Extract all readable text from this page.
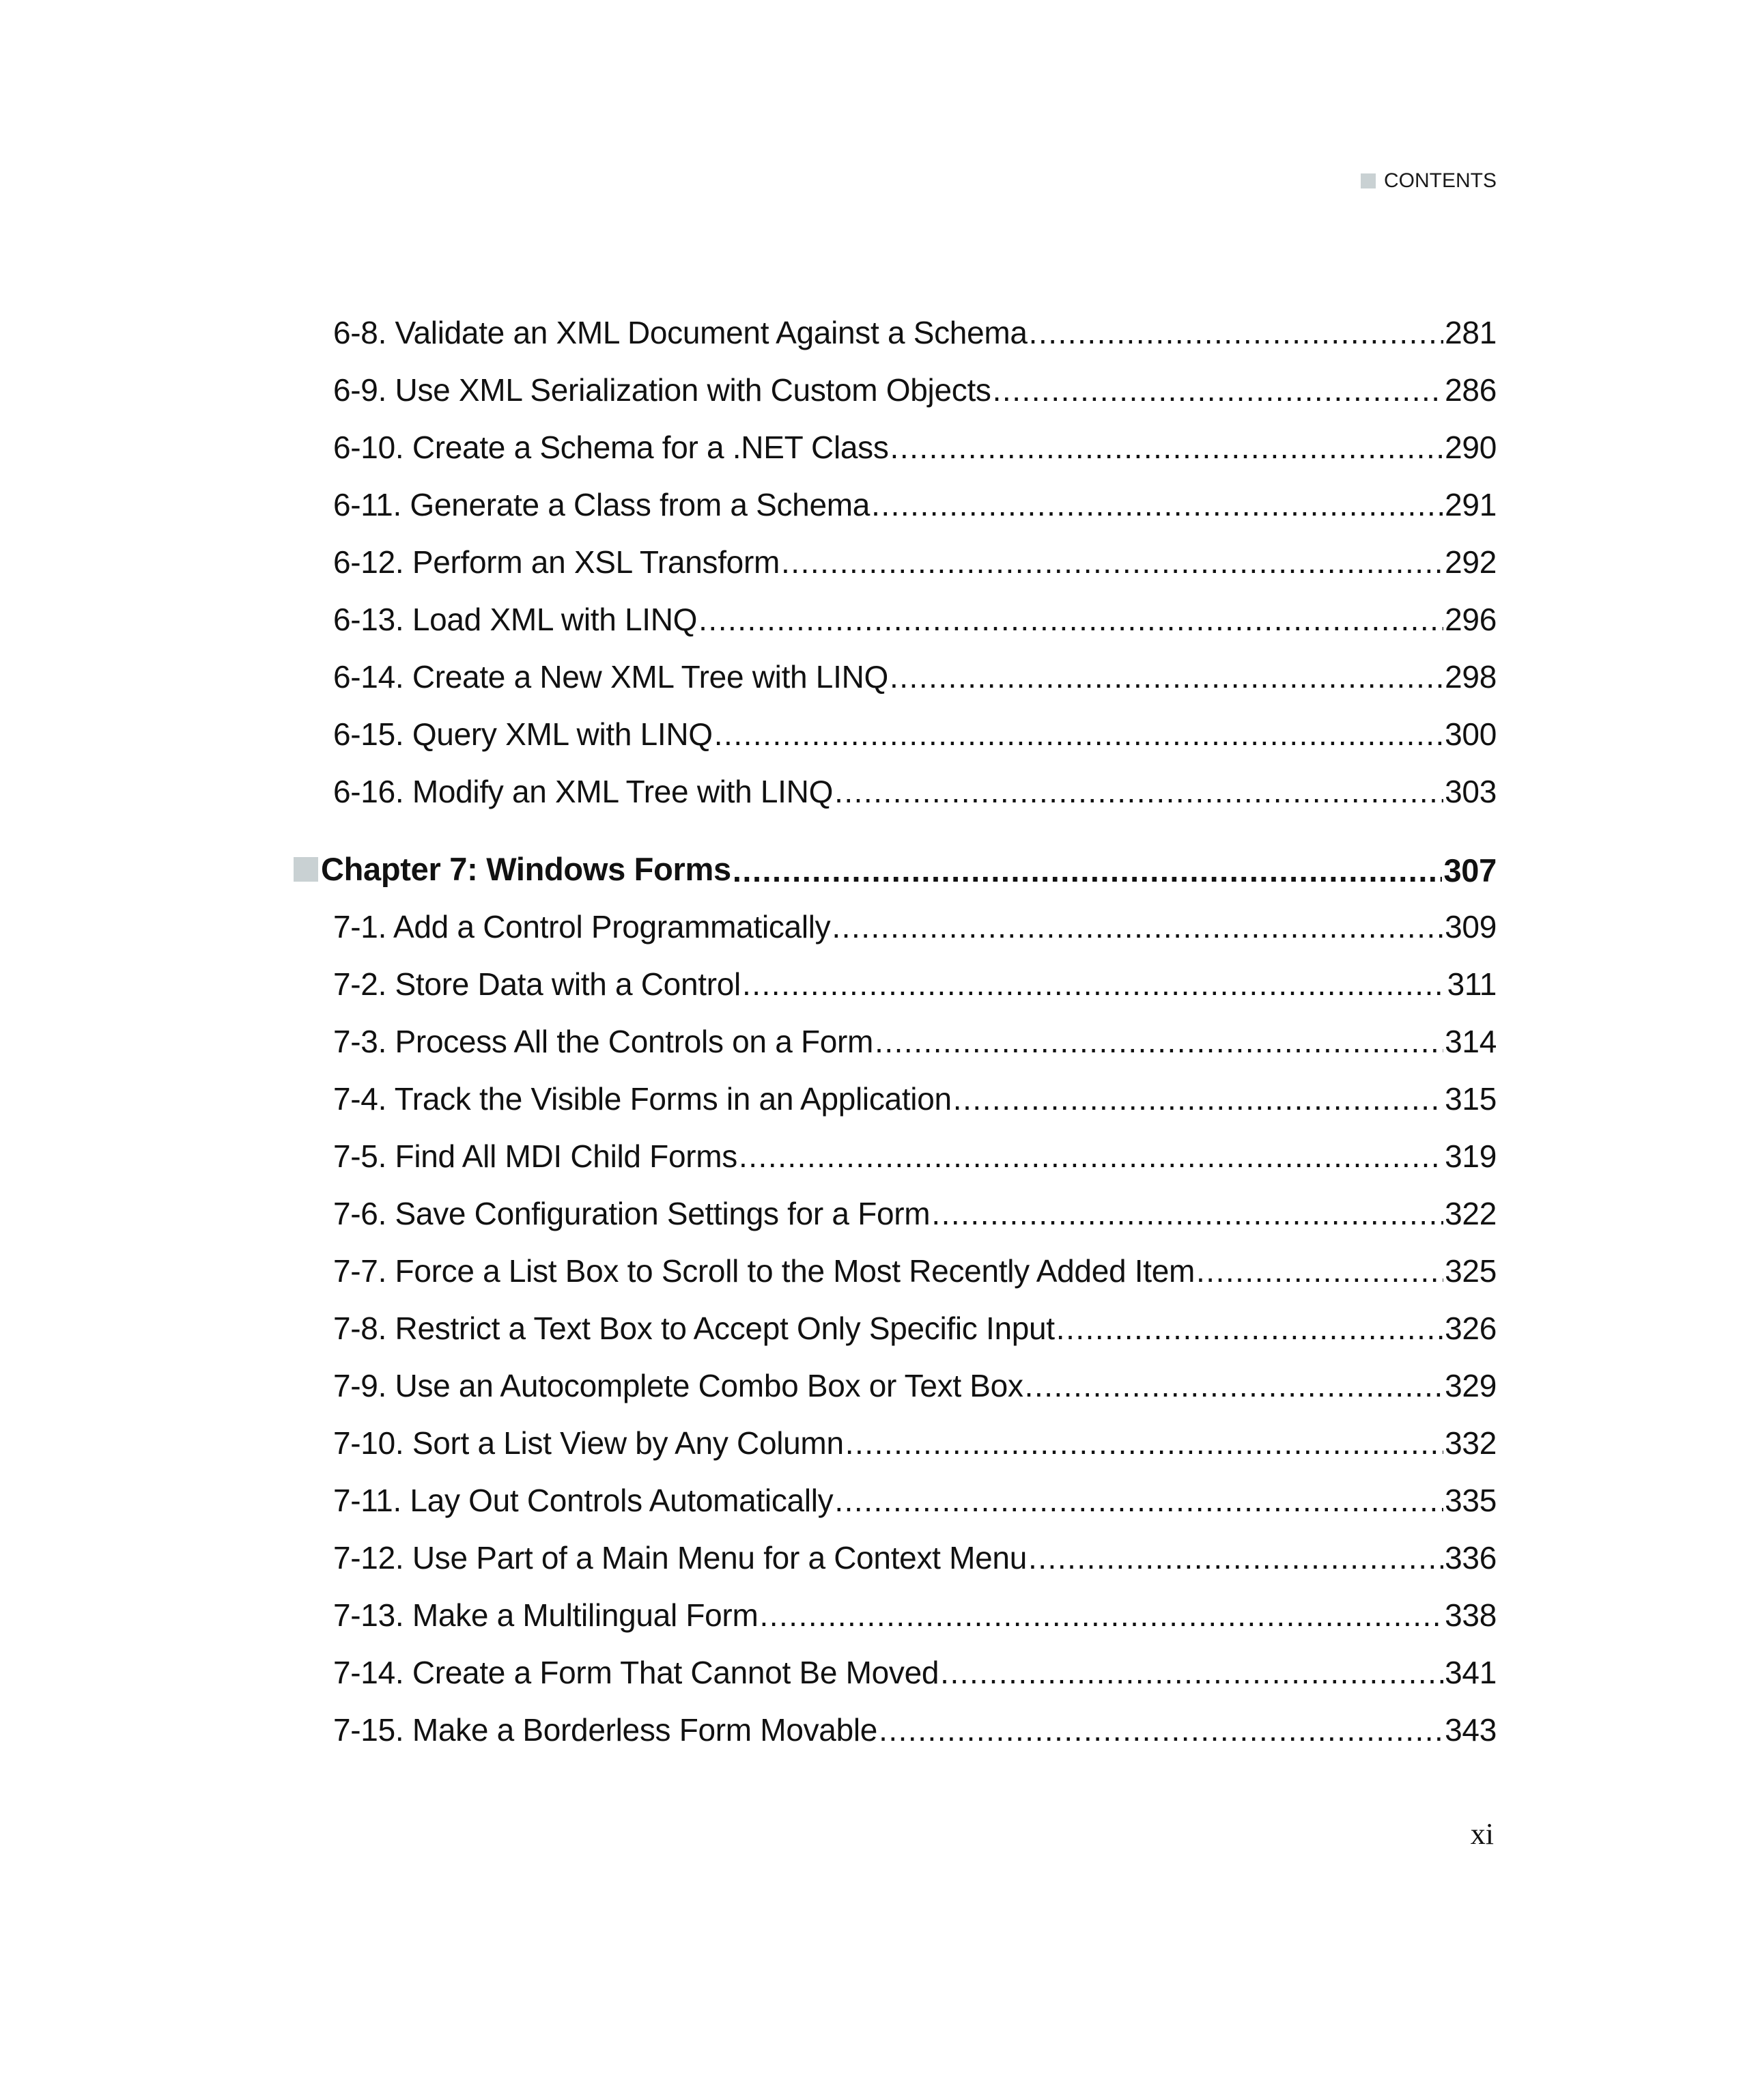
CONTENTS
6-8. Validate an XML Document Against a Schema .....	281
6-9. Use XML Serialization with Custom Objects .....	286
6-10. Create a Schema for a .NET Class .....	290
6-11. Generate a Class from a Schema .....	291
6-12. Perform an XSL Transform .....	292
6-13. Load XML with LINQ .....	296
6-14. Create a New XML Tree with LINQ .....	298
6-15. Query XML with LINQ .....	300
6-16. Modify an XML Tree with LINQ .....	303
Chapter 7: Windows Forms .....	307
7-1. Add a Control Programmatically .....	309
7-2. Store Data with a Control .....	311
7-3. Process All the Controls on a Form .....	314
7-4. Track the Visible Forms in an Application .....	315
7-5. Find All MDI Child Forms .....	319
7-6. Save Configuration Settings for a Form .....	322
7-7. Force a List Box to Scroll to the Most Recently Added Item .....	325
7-8. Restrict a Text Box to Accept Only Specific Input .....	326
7-9. Use an Autocomplete Combo Box or Text Box .....	329
7-10. Sort a List View by Any Column .....	332
7-11. Lay Out Controls Automatically .....	335
7-12. Use Part of a Main Menu for a Context Menu .....	336
7-13. Make a Multilingual Form .....	338
7-14. Create a Form That Cannot Be Moved .....	341
7-15. Make a Borderless Form Movable .....	343
xi
